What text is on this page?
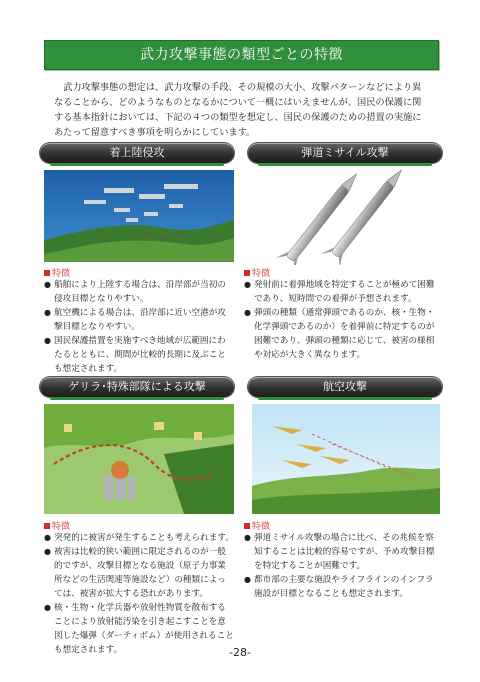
武力攻撃事態の類型ごとの特徴
武力攻撃事態の想定は、武力攻撃の手段、その規模の大小、攻撃パターンなどにより異なることから、どのようなものとなるかについて一概にはいえませんが、国民の保護に関する基本指針においては、下記の４つの類型を想定し、国民の保護のための措置の実施にあたって留意すべき事項を明らかにしています。
着上陸侵攻
特徴
● 船舶により上陸する場合は、沿岸部が当初の侵攻目標となりやすい。
● 航空機による場合は、沿岸部に近い空港が攻撃目標となりやすい。
● 国民保護措置を実施すべき地域が広範囲にわたるとともに、期間が比較的長期に及ぶことも想定されます。
弾道ミサイル攻撃
特徴
● 発射前に着弾地域を特定することが極めて困難であり、短時間での着弾が予想されます。
● 弾頭の種類（通常弾頭であるのか、核・生物・化学弾頭であるのか）を着弾前に特定するのが困難であり、弾頭の種類に応じて、被害の様相や対応が大きく異なります。
ゲリラ･特殊部隊による攻撃
特徴
● 突発的に被害が発生することも考えられます。
● 被害は比較的狭い範囲に限定されるのが一般的ですが、攻撃目標となる施設（原子力事業所などの生活関連等施設など）の種類によっては、被害が拡大する恐れがあります。
● 核・生物・化学兵器や放射性物質を散布することにより放射能汚染を引き起こすことを意図した爆弾（ダーティボム）が使用されることも想定されます。
航空攻撃
特徴
● 弾道ミサイル攻撃の場合に比べ、その兆候を察知することは比較的容易ですが、予め攻撃目標を特定することが困難です。
● 都市部の主要な施設やライフラインのインフラ施設が目標となることも想定されます。
-28-
